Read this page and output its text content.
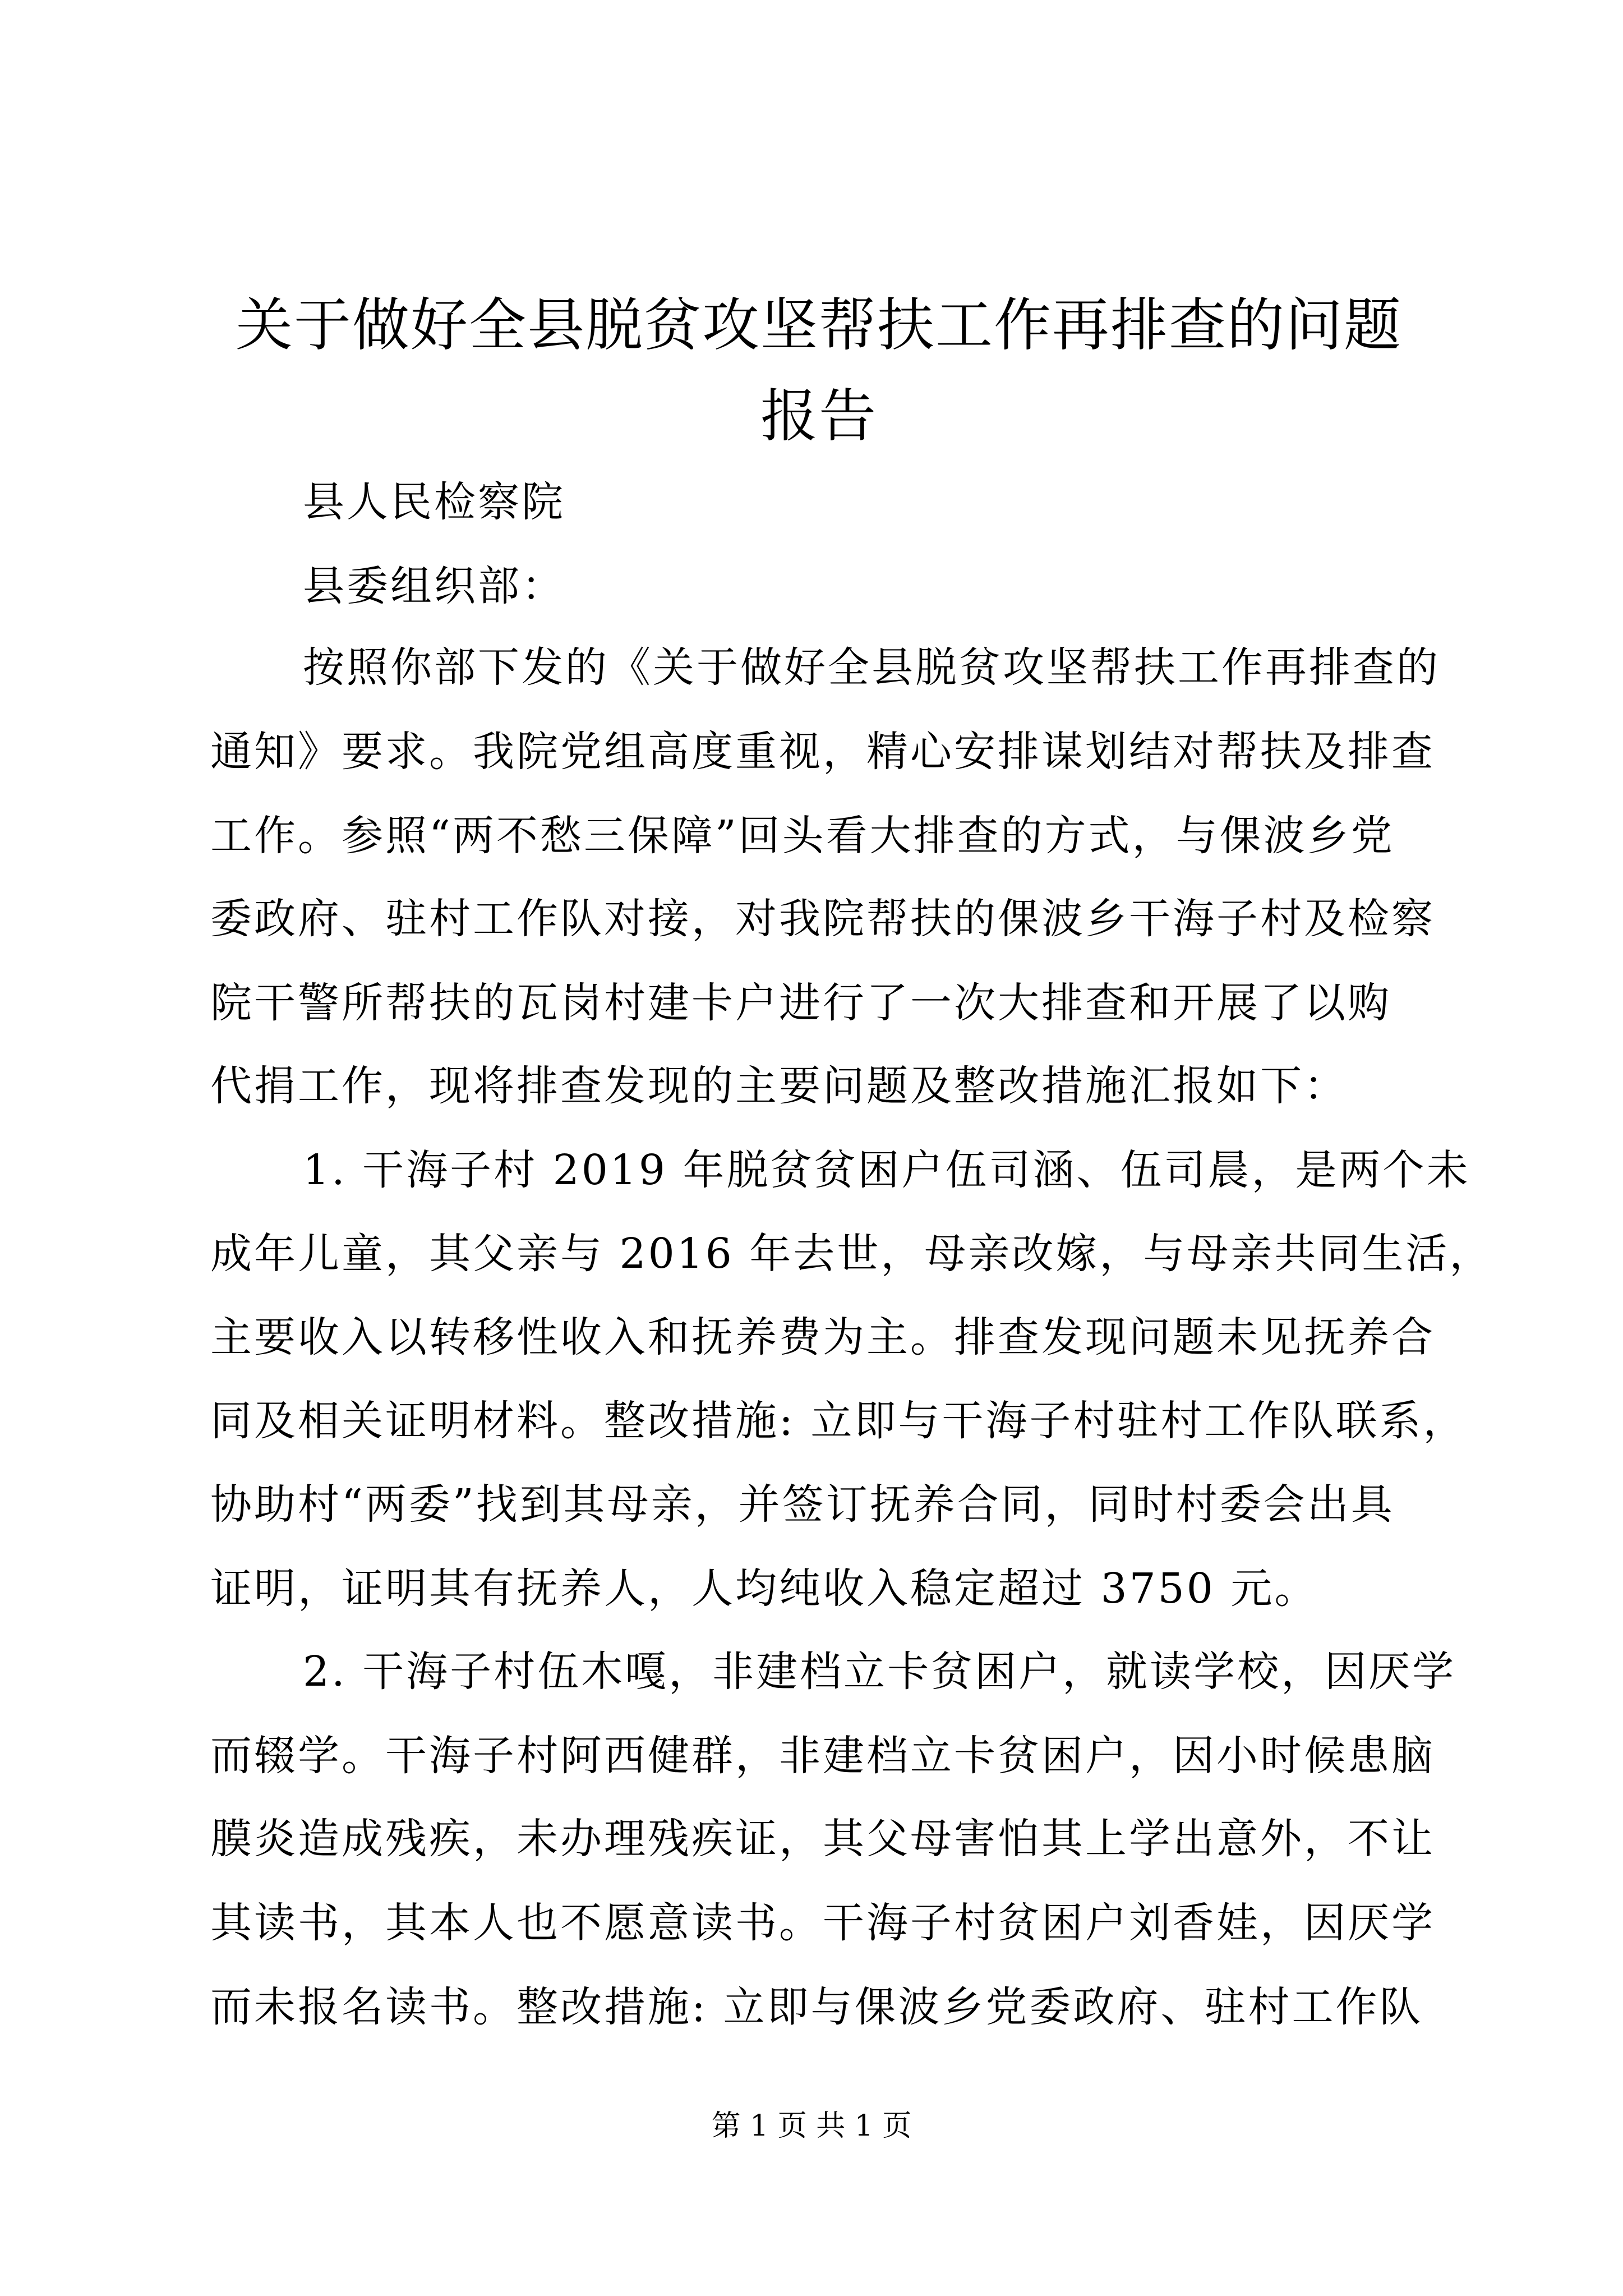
关于做好全县脱贫攻坚帮扶工作再排查的问题
报告
县人民检察院
县委组织部：
按照你部下发的《关于做好全县脱贫攻坚帮扶工作再排查的
通知》要求。我院党组高度重视，精心安排谋划结对帮扶及排查
工作。参照“两不愁三保障”回头看大排查的方式，与倮波乡党
委政府、驻村工作队对接，对我院帮扶的倮波乡干海子村及检察
院干警所帮扶的瓦岗村建卡户进行了一次大排查和开展了以购
代捐工作，现将排查发现的主要问题及整改措施汇报如下：
1. 干海子村 2019 年脱贫贫困户伍司涵、伍司晨，是两个未
成年儿童，其父亲与 2016 年去世，母亲改嫁，与母亲共同生活，
主要收入以转移性收入和抚养费为主。排查发现问题未见抚养合
同及相关证明材料。整改措施: 立即与干海子村驻村工作队联系，
协助村“两委”找到其母亲，并签订抚养合同，同时村委会出具
证明，证明其有抚养人，人均纯收入稳定超过 3750 元。
2. 干海子村伍木嘎，非建档立卡贫困户，就读学校，因厌学
而辍学。干海子村阿西健群，非建档立卡贫困户，因小时候患脑
膜炎造成残疾，未办理残疾证，其父母害怕其上学出意外，不让
其读书，其本人也不愿意读书。干海子村贫困户刘香娃，因厌学
而未报名读书。整改措施: 立即与倮波乡党委政府、驻村工作队
第 1 页 共 1 页
